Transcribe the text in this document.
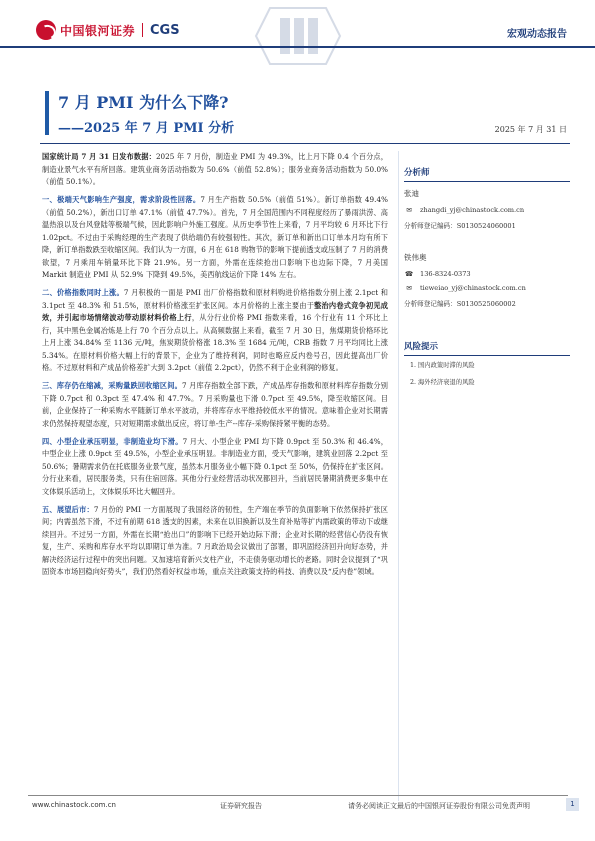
中国银河证券 CGS	宏观动态报告
7 月 PMI 为什么下降?
——2025 年 7 月 PMI 分析	2025 年 7 月 31 日

国家统计局 7 月 31 日发布数据：2025 年 7 月份，制造业 PMI 为 49.3%，比上月下降 0.4 个百分点，制造业景气水平有所回落。建筑业商务活动指数为 50.6%（前值 52.8%）；服务业商务活动指数为 50.0%（前值 50.1%）。

一、极端天气影响生产强度，需求阶段性回落。7 月生产指数 50.5%（前值 51%）。新订单指数 49.4%（前值 50.2%），新出口订单 47.1%（前值 47.7%）。首先，7 月全国范围内不同程度经历了暴雨洪涝、高温热浪以及台风登陆等极端气候，因此影响户外施工强度。从历史季节性上来看，7 月平均较 6 月环比下行 1.02pct。不过由于采购经理的生产表现了供给端仍有较强韧性。其次，新订单和新出口订单本月均有所下降，新订单指数跌至收缩区间。我们认为一方面，6 月在 618 购物节的影响下提前透支或压制了 7 月的消费欲望，7 月乘用车销量环比下降 21.9%。另一方面，外需在连续抢出口影响下也边际下降，7 月美国 Markit 制造业 PMI 从 52.9% 下降到 49.5%，美西航线运价下降 14% 左右。

二、价格指数同时上涨。7 月积极的一面是 PMI 出厂价格指数和原材料购进价格指数分别上涨 2.1pct 和 3.1pct 至 48.3% 和 51.5%，原材料价格涨至扩张区间。本月价格的上涨主要由于整治内卷式竞争初见成效，并引起市场情绪波动带动原材料价格上行，从分行业价格 PMI 指数来看，16 个行业有 11 个环比上行，其中黑色金属冶炼是上行 70 个百分点以上。从高频数据上来看，截至 7 月 30 日，焦煤期货价格环比上月上涨 34.84% 至 1136 元/吨，焦炭期货价格涨 18.3% 至 1684 元/吨，CRB 指数 7 月平均同比上涨 5.34%。在原材料价格大幅上行的背景下，企业为了维持利润，同时也略应反内卷号召，因此提高出厂价格。不过原材料和产成品价格差扩大到 3.2pct（前值 2.2pct），仍然不利于企业利润的修复。

三、库存仍在缩减，采购量跌回收缩区间。7 月库存指数全部下跌，产成品库存指数和原材料库存指数分别下降 0.7pct 和 0.3pct 至 47.4% 和 47.7%。7 月采购量也下滑 0.7pct 至 49.5%，降至收缩区间。目前，企业保持了一种采购水平随新订单水平波动，并将库存水平维持较低水平的情况。意味着企业对长期需求仍然保持观望态度，只对短期需求做出反应，将订单-生产--库存-采购保持紧平衡的态势。

四、小型企业承压明显，非制造业均下滑。7 月大、小型企业 PMI 均下降 0.9pct 至 50.3% 和 46.4%，中型企业上涨 0.9pct 至 49.5%，小型企业承压明显。非制造业方面，受天气影响，建筑业回落 2.2pct 至 50.6%；暑期需求仍在托底服务业景气度，虽然本月服务业小幅下降 0.1pct 至 50%，仍保持在扩张区间。分行业来看，居民服务类，只有住宿回落。其他分行业经营活动状况都回升，当前居民暑期消费更多集中在文体娱乐活动上，文体娱乐环比大幅回升。

五、展望后市：7 月份的 PMI 一方面展现了我国经济的韧性，生产端在季节的负面影响下依然保持扩张区间；内需虽然下滑，不过有前期 618 透支的因素，未来在以旧换新以及生育补贴等扩内需政策的带动下或继续回升。不过另一方面，外需在长期“抢出口”的影响下已经开始边际下滑；企业对长期的经营信心仍没有恢复，生产、采购和库存水平均以即期订单为准。7 月政治局会议做出了部署，即巩固经济回升向好态势，并解决经济运行过程中的突出问题。又加速培育新兴支柱产业，不走债务驱动增长的老路。同时会议提到了“巩固资本市场回稳向好势头”，我们仍然看好权益市场，重点关注政策支持的科技、消费以及“反内卷”领域。

分析师
张迪
✉	zhangdi_yj@chinastock.com.cn
分析师登记编码：S0130524060001
铁伟奥
☎ 136-8324-0373
✉	tieweiao_yj@chinastock.com.cn
分析师登记编码：S0130525060002
风险提示
1. 国内政策时滞的风险
2. 海外经济衰退的风险
www.chinastock.com.cn	证券研究报告	请务必阅读正文最后的中国银河证券股份有限公司免责声明	1
